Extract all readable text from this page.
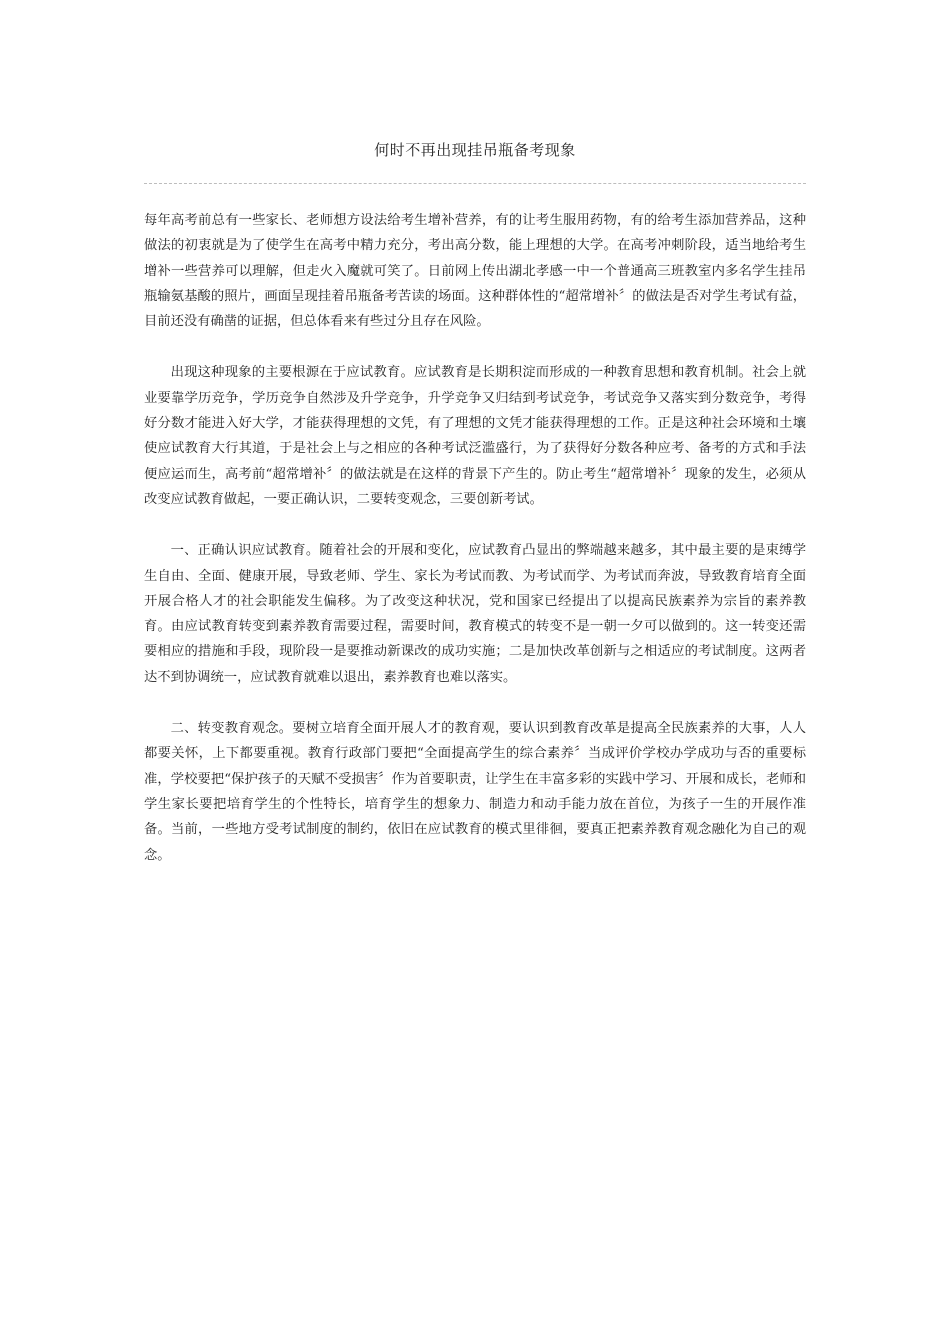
何时不再出现挂吊瓶备考现象

每年高考前总有一些家长、老师想方设法给考生增补营养，有的让考生服用药物，有的给考生添加营养品，这种做法的初衷就是为了使学生在高考中精力充分，考出高分数，能上理想的大学。在高考冲刺阶段，适当地给考生增补一些营养可以理解，但走火入魔就可笑了。日前网上传出湖北孝感一中一个普通高三班教室内多名学生挂吊瓶输氨基酸的照片，画面呈现挂着吊瓶备考苦读的场面。这种群体性的“超常增补〞的做法是否对学生考试有益，目前还没有确凿的证据，但总体看来有些过分且存在风险。

出现这种现象的主要根源在于应试教育。应试教育是长期积淀而形成的一种教育思想和教育机制。社会上就业要靠学历竞争，学历竞争自然涉及升学竞争，升学竞争又归结到考试竞争，考试竞争又落实到分数竞争，考得好分数才能进入好大学，才能获得理想的文凭，有了理想的文凭才能获得理想的工作。正是这种社会环境和土壤使应试教育大行其道，于是社会上与之相应的各种考试泛滥盛行，为了获得好分数各种应考、备考的方式和手法便应运而生，高考前“超常增补〞的做法就是在这样的背景下产生的。防止考生“超常增补〞现象的发生，必须从改变应试教育做起，一要正确认识，二要转变观念，三要创新考试。

一、正确认识应试教育。随着社会的开展和变化，应试教育凸显出的弊端越来越多，其中最主要的是束缚学生自由、全面、健康开展，导致老师、学生、家长为考试而教、为考试而学、为考试而奔波，导致教育培育全面开展合格人才的社会职能发生偏移。为了改变这种状况，党和国家已经提出了以提高民族素养为宗旨的素养教育。由应试教育转变到素养教育需要过程，需要时间，教育模式的转变不是一朝一夕可以做到的。这一转变还需要相应的措施和手段，现阶段一是要推动新课改的成功实施；二是加快改革创新与之相适应的考试制度。这两者达不到协调统一，应试教育就难以退出，素养教育也难以落实。

二、转变教育观念。要树立培育全面开展人才的教育观，要认识到教育改革是提高全民族素养的大事，人人都要关怀，上下都要重视。教育行政部门要把“全面提高学生的综合素养〞当成评价学校办学成功与否的重要标准，学校要把“保护孩子的天赋不受损害〞作为首要职责，让学生在丰富多彩的实践中学习、开展和成长，老师和学生家长要把培育学生的个性特长，培育学生的想象力、制造力和动手能力放在首位，为孩子一生的开展作准备。当前，一些地方受考试制度的制约，依旧在应试教育的模式里徘徊，要真正把素养教育观念融化为自己的观念。
